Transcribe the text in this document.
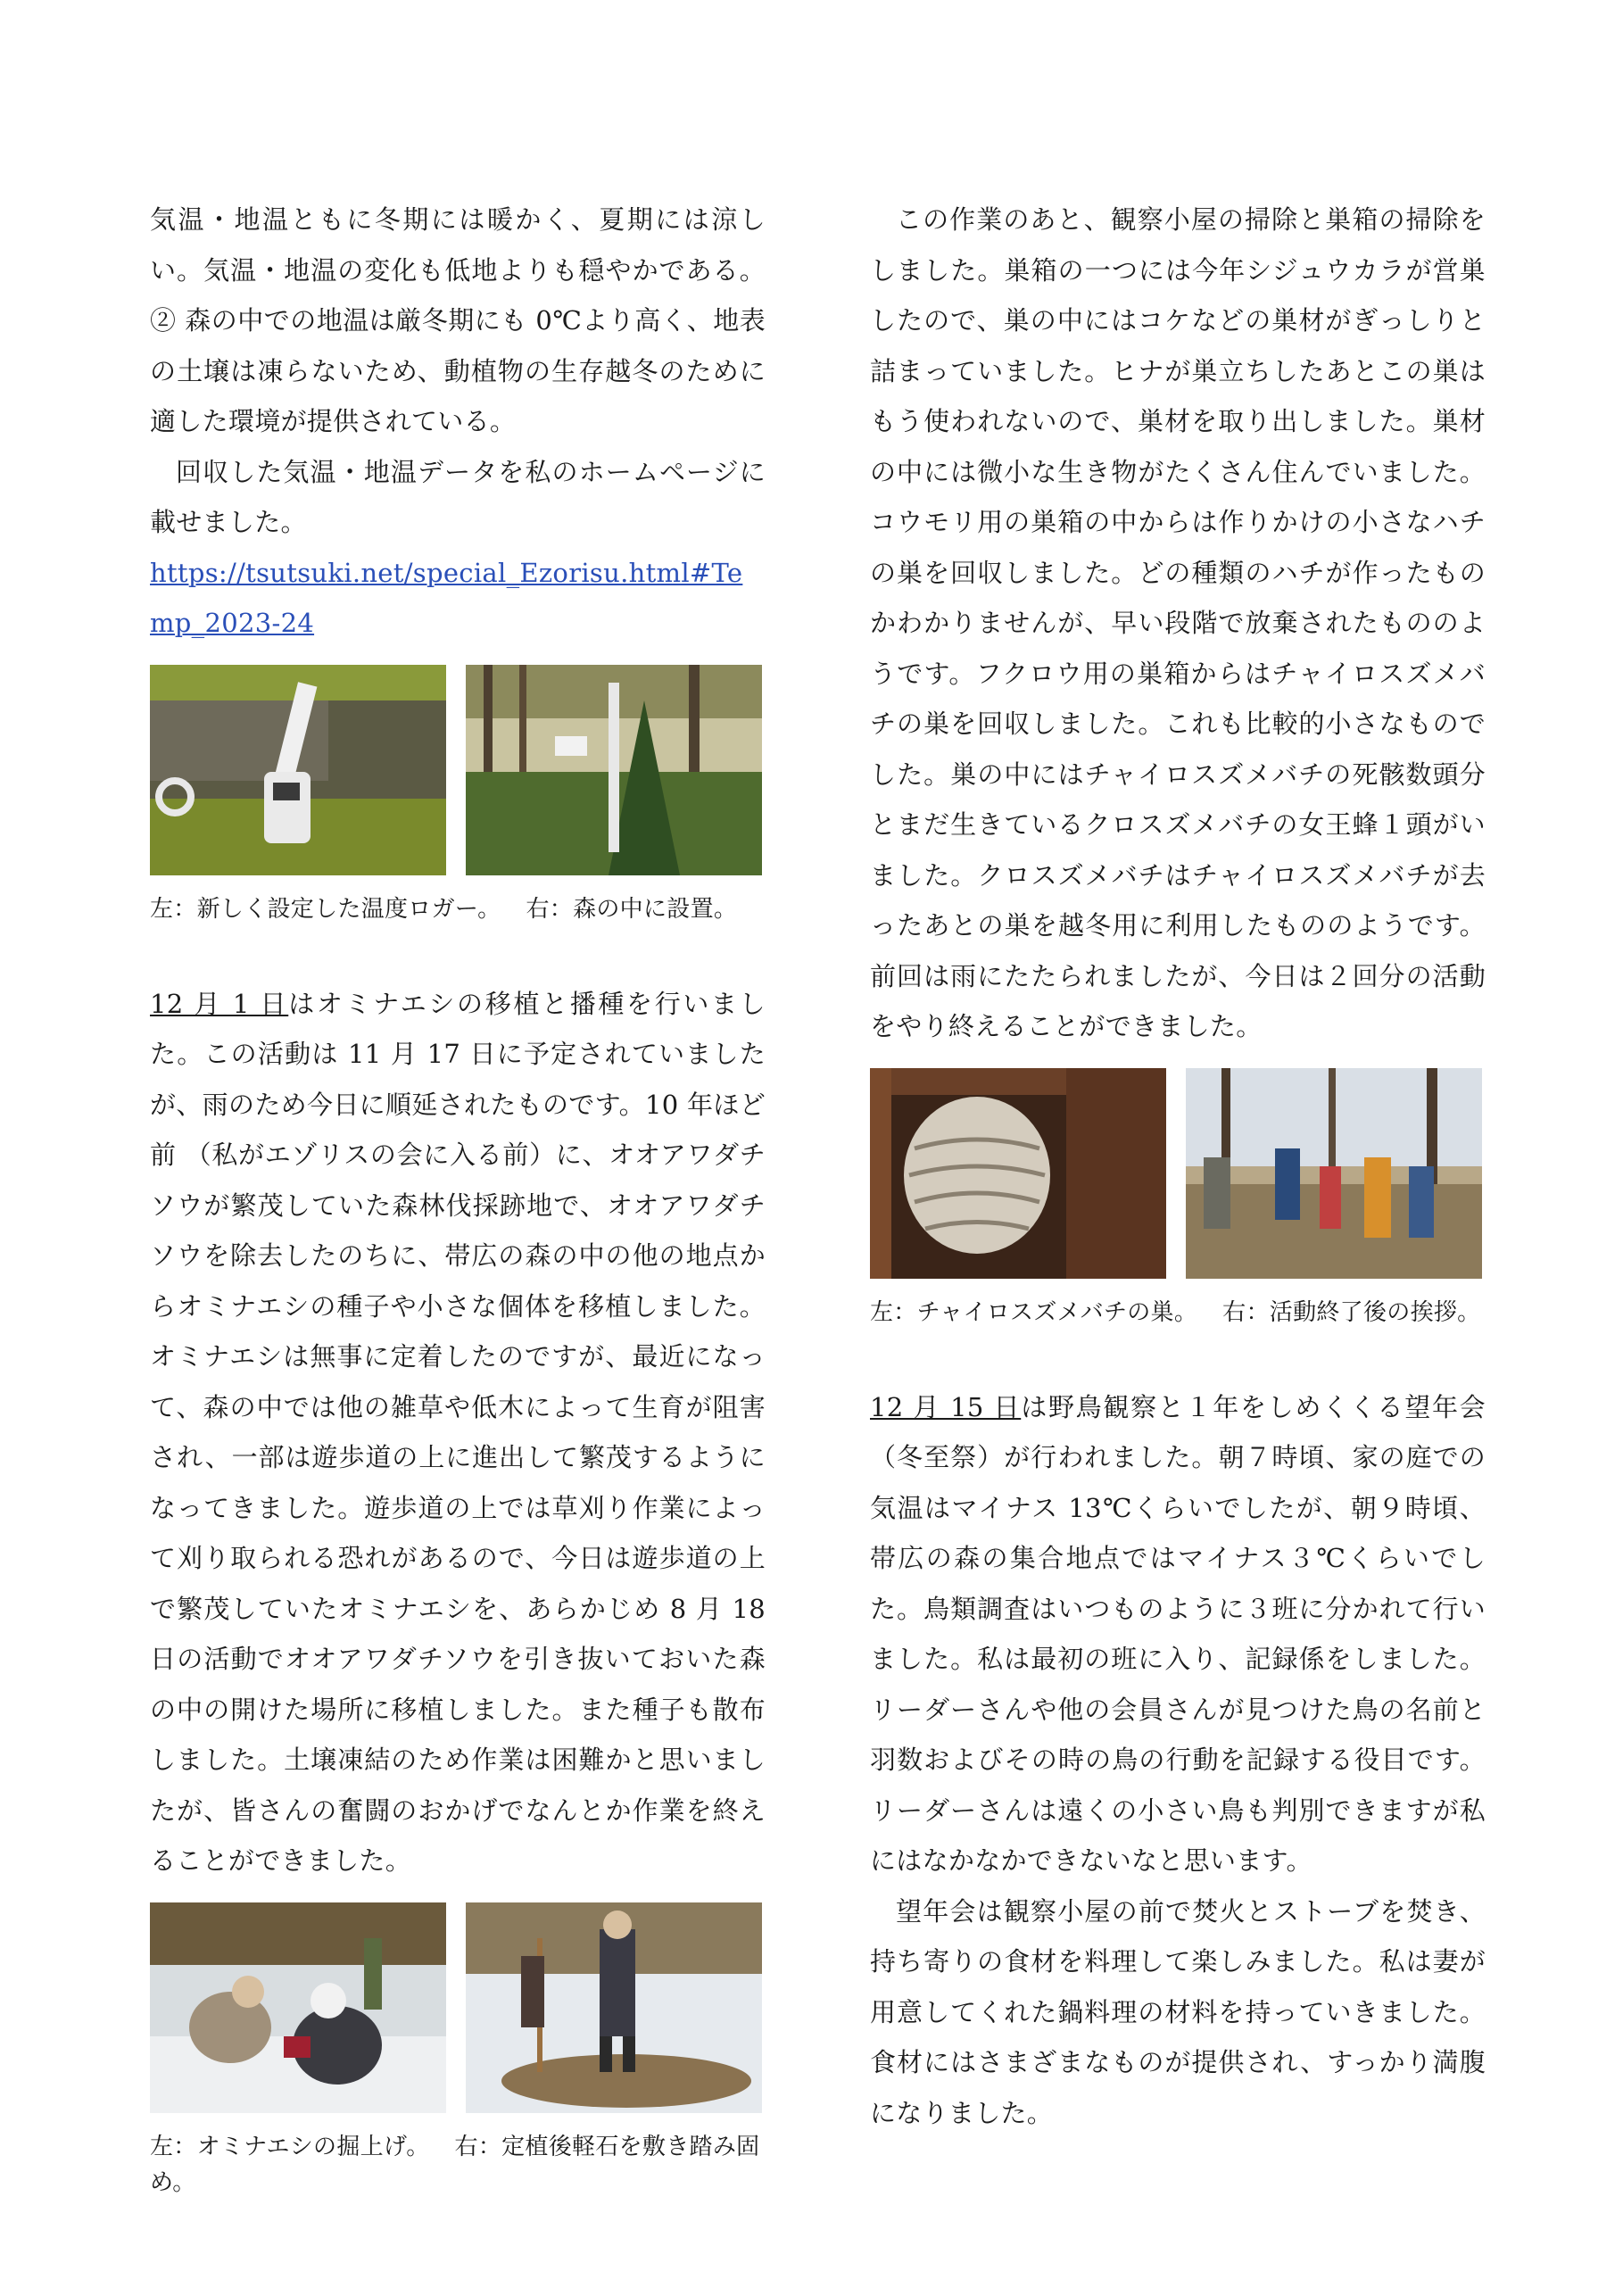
気温・地温ともに冬期には暖かく、夏期には涼しい。気温・地温の変化も低地よりも穏やかである。② 森の中での地温は厳冬期にも 0℃より高く、地表の土壌は凍らないため、動植物の生存越冬のために適した環境が提供されている。

回収した気温・地温データを私のホームページに載せました。

https://tsutsuki.net/special_Ezorisu.html#Temp_2023-24

左：新しく設定した温度ロガー。 右：森の中に設置。

12 月 1 日はオミナエシの移植と播種を行いました。この活動は 11 月 17 日に予定されていましたが、雨のため今日に順延されたものです。10 年ほど前 （私がエゾリスの会に入る前）に、オオアワダチソウが繁茂していた森林伐採跡地で、オオアワダチソウを除去したのちに、帯広の森の中の他の地点からオミナエシの種子や小さな個体を移植しました。オミナエシは無事に定着したのですが、最近になって、森の中では他の雑草や低木によって生育が阻害され、一部は遊歩道の上に進出して繁茂するようになってきました。遊歩道の上では草刈り作業によって刈り取られる恐れがあるので、今日は遊歩道の上で繁茂していたオミナエシを、あらかじめ 8 月 18 日の活動でオオアワダチソウを引き抜いておいた森の中の開けた場所に移植しました。また種子も散布しました。土壌凍結のため作業は困難かと思いましたが、皆さんの奮闘のおかげでなんとか作業を終えることができました。

左：オミナエシの掘上げ。 右：定植後軽石を敷き踏み固め。

この作業のあと、観察小屋の掃除と巣箱の掃除をしました。巣箱の一つには今年シジュウカラが営巣したので、巣の中にはコケなどの巣材がぎっしりと詰まっていました。ヒナが巣立ちしたあとこの巣はもう使われないので、巣材を取り出しました。巣材の中には微小な生き物がたくさん住んでいました。コウモリ用の巣箱の中からは作りかけの小さなハチの巣を回収しました。どの種類のハチが作ったものかわかりませんが、早い段階で放棄されたもののようです。フクロウ用の巣箱からはチャイロスズメバチの巣を回収しました。これも比較的小さなものでした。巣の中にはチャイロスズメバチの死骸数頭分とまだ生きているクロスズメバチの女王蜂１頭がいました。クロスズメバチはチャイロスズメバチが去ったあとの巣を越冬用に利用したもののようです。前回は雨にたたられましたが、今日は２回分の活動をやり終えることができました。

左：チャイロスズメバチの巣。 右：活動終了後の挨拶。

12 月 15 日は野鳥観察と１年をしめくくる望年会（冬至祭）が行われました。朝７時頃、家の庭での気温はマイナス 13℃くらいでしたが、朝９時頃、帯広の森の集合地点ではマイナス３℃くらいでした。鳥類調査はいつものように３班に分かれて行いました。私は最初の班に入り、記録係をしました。リーダーさんや他の会員さんが見つけた鳥の名前と羽数およびその時の鳥の行動を記録する役目です。リーダーさんは遠くの小さい鳥も判別できますが私にはなかなかできないなと思います。

望年会は観察小屋の前で焚火とストーブを焚き、持ち寄りの食材を料理して楽しみました。私は妻が用意してくれた鍋料理の材料を持っていきました。食材にはさまざまなものが提供され、すっかり満腹になりました。
